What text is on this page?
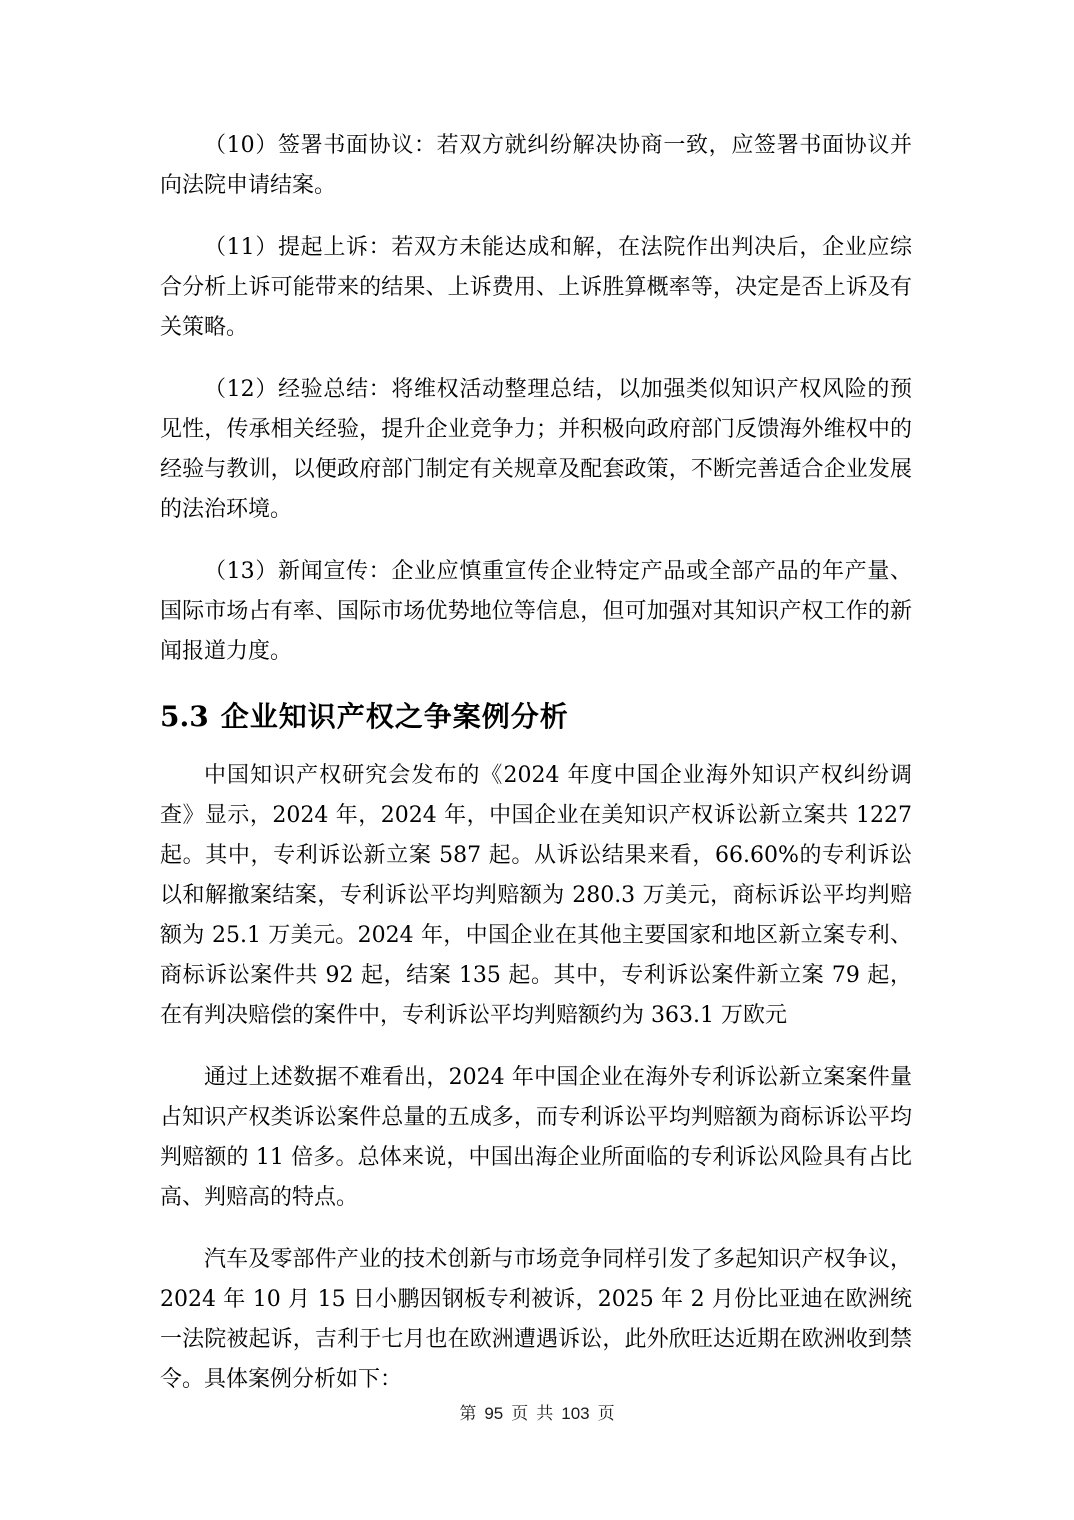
（10）签署书面协议：若双方就纠纷解决协商一致，应签署书面协议并向法院申请结案。

（11）提起上诉：若双方未能达成和解，在法院作出判决后，企业应综合分析上诉可能带来的结果、上诉费用、上诉胜算概率等，决定是否上诉及有关策略。

（12）经验总结：将维权活动整理总结，以加强类似知识产权风险的预见性，传承相关经验，提升企业竞争力；并积极向政府部门反馈海外维权中的经验与教训，以便政府部门制定有关规章及配套政策，不断完善适合企业发展的法治环境。

（13）新闻宣传：企业应慎重宣传企业特定产品或全部产品的年产量、国际市场占有率、国际市场优势地位等信息，但可加强对其知识产权工作的新闻报道力度。

5.3 企业知识产权之争案例分析

中国知识产权研究会发布的《2024 年度中国企业海外知识产权纠纷调查》显示，2024 年，2024 年，中国企业在美知识产权诉讼新立案共 1227 起。其中，专利诉讼新立案 587 起。从诉讼结果来看，66.60%的专利诉讼以和解撤案结案，专利诉讼平均判赔额为 280.3 万美元，商标诉讼平均判赔额为 25.1 万美元。2024 年，中国企业在其他主要国家和地区新立案专利、商标诉讼案件共 92 起，结案 135 起。其中，专利诉讼案件新立案 79 起，在有判决赔偿的案件中，专利诉讼平均判赔额约为 363.1 万欧元

通过上述数据不难看出，2024 年中国企业在海外专利诉讼新立案案件量占知识产权类诉讼案件总量的五成多，而专利诉讼平均判赔额为商标诉讼平均判赔额的 11 倍多。总体来说，中国出海企业所面临的专利诉讼风险具有占比高、判赔高的特点。

汽车及零部件产业的技术创新与市场竞争同样引发了多起知识产权争议，2024 年 10 月 15 日小鹏因钢板专利被诉，2025 年 2 月份比亚迪在欧洲统一法院被起诉，吉利于七月也在欧洲遭遇诉讼，此外欣旺达近期在欧洲收到禁令。具体案例分析如下：

第 95 页 共 103 页
